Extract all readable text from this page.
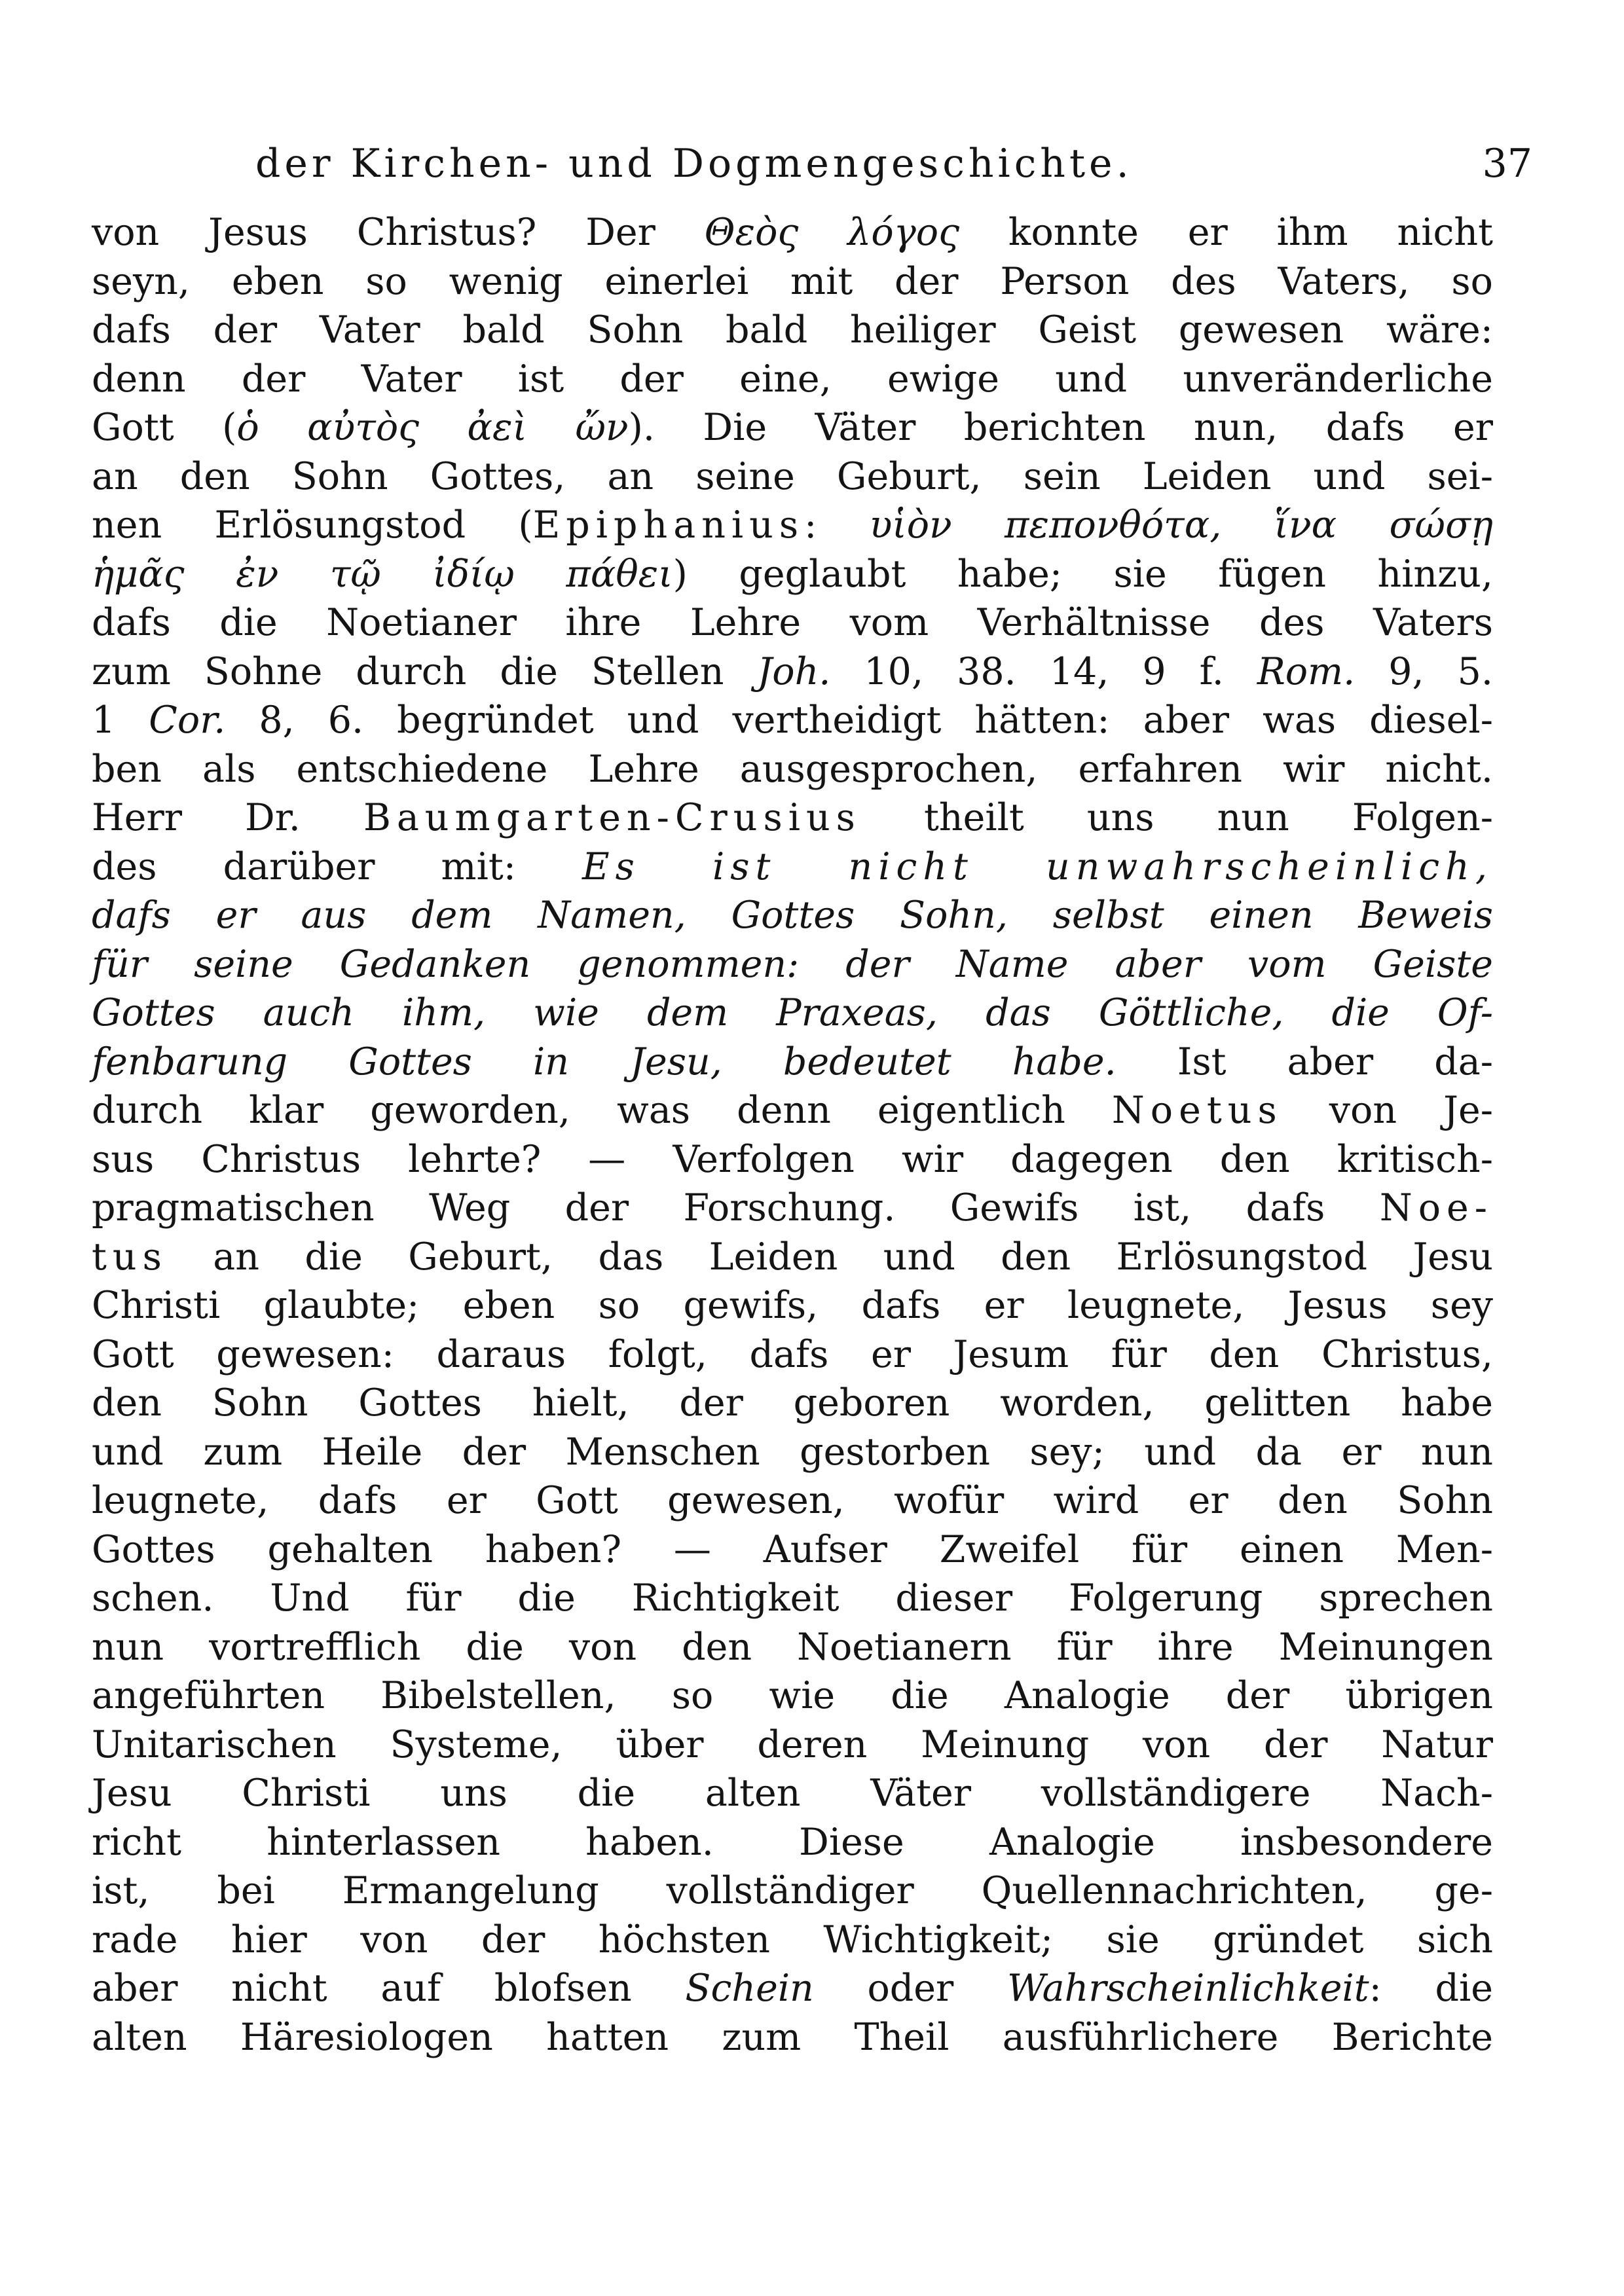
der Kirchen- und Dogmengeschichte.	37
von Jesus Christus? Der Θεὸς λόγος konnte er ihm nicht
seyn, eben so wenig einerlei mit der Person des Vaters, so
dafs der Vater bald Sohn bald heiliger Geist gewesen wäre:
denn der Vater ist der eine, ewige und unveränderliche
Gott (ὁ αὐτὸς ἀεὶ ὤν). Die Väter berichten nun, dafs er
an den Sohn Gottes, an seine Geburt, sein Leiden und sei-
nen Erlösungstod (Epiphanius: υἱὸν πεπονθότα, ἵνα σώσῃ
ἡμᾶς ἐν τῷ ἰδίῳ πάθει) geglaubt habe; sie fügen hinzu,
dafs die Noetianer ihre Lehre vom Verhältnisse des Vaters
zum Sohne durch die Stellen Joh. 10, 38. 14, 9 f. Rom. 9, 5.
1 Cor. 8, 6. begründet und vertheidigt hätten: aber was diesel-
ben als entschiedene Lehre ausgesprochen, erfahren wir nicht.
Herr Dr. Baumgarten-Crusius theilt uns nun Folgen-
des darüber mit: Es ist nicht unwahrscheinlich,
dafs er aus dem Namen, Gottes Sohn, selbst einen Beweis
für seine Gedanken genommen: der Name aber vom Geiste
Gottes auch ihm, wie dem Praxeas, das Göttliche, die Of-
fenbarung Gottes in Jesu, bedeutet habe. Ist aber da-
durch klar geworden, was denn eigentlich Noetus von Je-
sus Christus lehrte? — Verfolgen wir dagegen den kritisch-
pragmatischen Weg der Forschung. Gewifs ist, dafs Noe-
tus an die Geburt, das Leiden und den Erlösungstod Jesu
Christi glaubte; eben so gewifs, dafs er leugnete, Jesus sey
Gott gewesen: daraus folgt, dafs er Jesum für den Christus,
den Sohn Gottes hielt, der geboren worden, gelitten habe
und zum Heile der Menschen gestorben sey; und da er nun
leugnete, dafs er Gott gewesen, wofür wird er den Sohn
Gottes gehalten haben? — Aufser Zweifel für einen Men-
schen. Und für die Richtigkeit dieser Folgerung sprechen
nun vortrefflich die von den Noetianern für ihre Meinungen
angeführten Bibelstellen, so wie die Analogie der übrigen
Unitarischen Systeme, über deren Meinung von der Natur
Jesu Christi uns die alten Väter vollständigere Nach-
richt hinterlassen haben. Diese Analogie insbesondere
ist, bei Ermangelung vollständiger Quellennachrichten, ge-
rade hier von der höchsten Wichtigkeit; sie gründet sich
aber nicht auf blofsen Schein oder Wahrscheinlichkeit: die
alten Häresiologen hatten zum Theil ausführlichere Berichte
